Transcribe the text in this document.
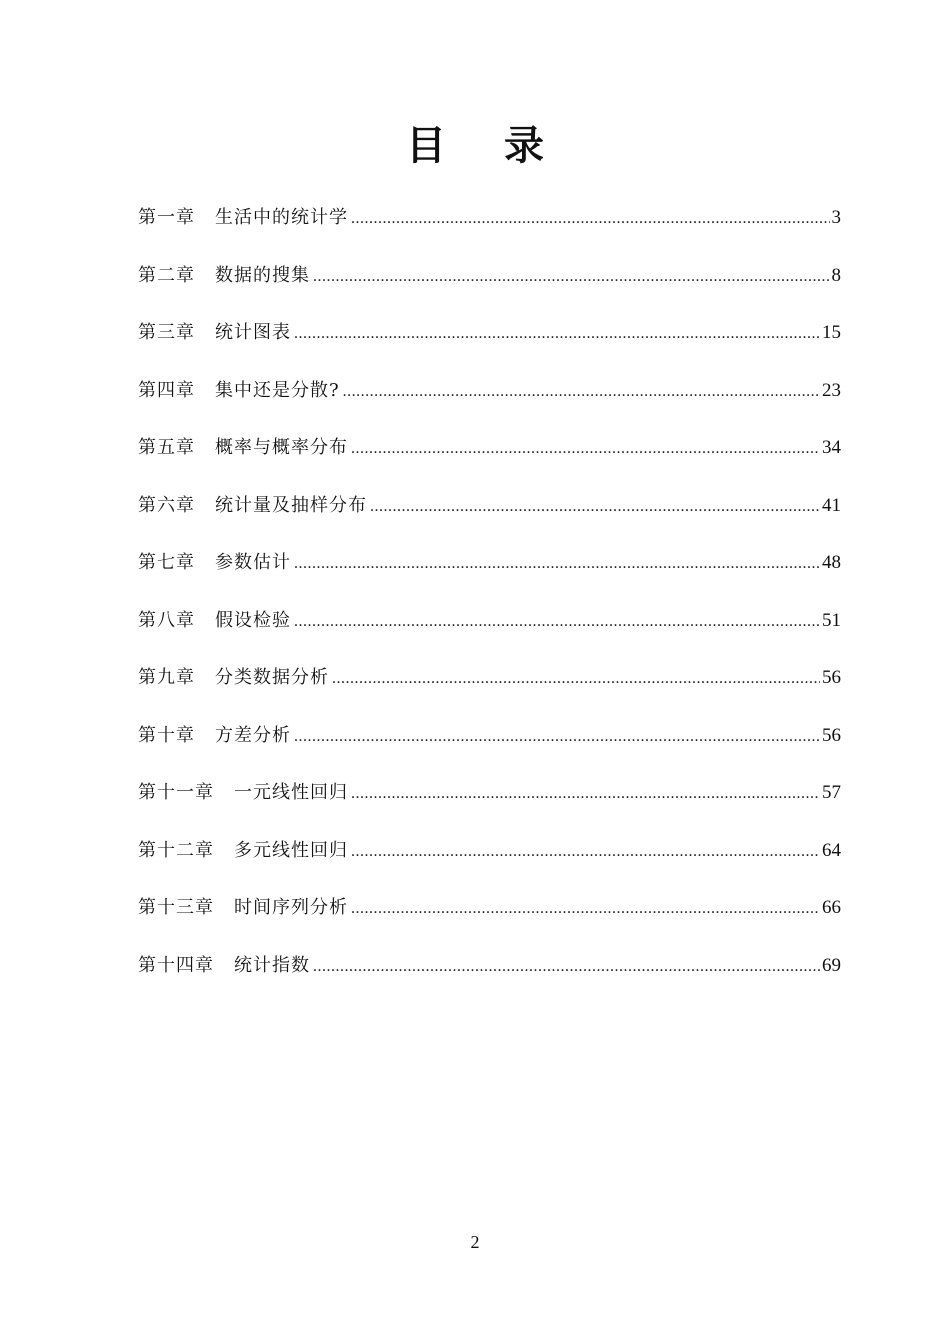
目录
第一章 生活中的统计学 .....	3
第二章 数据的搜集 .....	8
第三章 统计图表 .....	15
第四章 集中还是分散? .....	23
第五章 概率与概率分布 .....	34
第六章 统计量及抽样分布 .....	41
第七章 参数估计 .....	48
第八章 假设检验 .....	51
第九章 分类数据分析 .....	56
第十章 方差分析 .....	56
第十一章 一元线性回归 .....	57
第十二章 多元线性回归 .....	64
第十三章 时间序列分析 .....	66
第十四章 统计指数 .....	69
2
